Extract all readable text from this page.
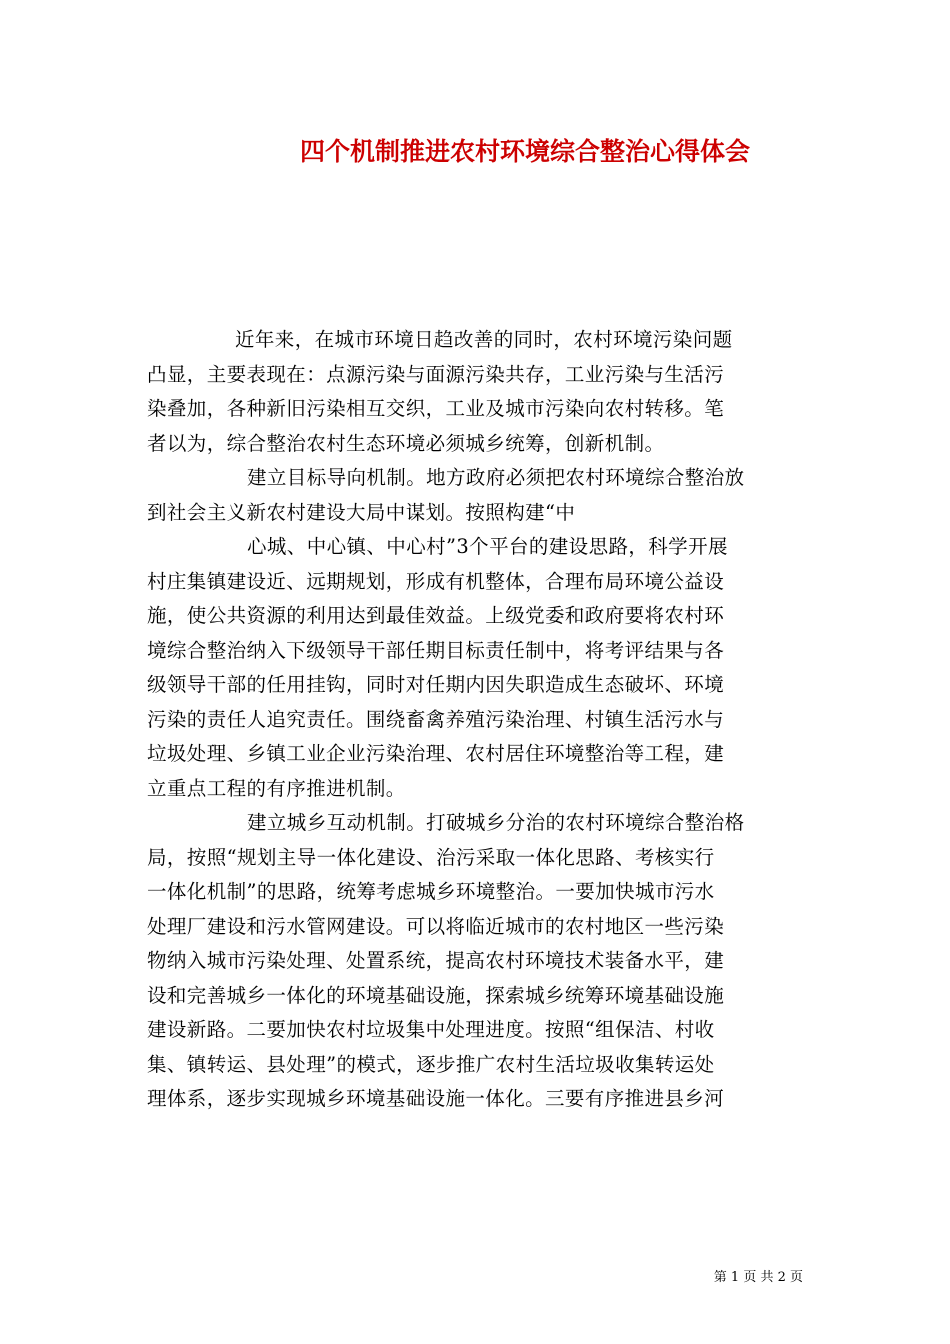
四个机制推进农村环境综合整治心得体会
近年来，在城市环境日趋改善的同时，农村环境污染问题
凸显，主要表现在：点源污染与面源污染共存，工业污染与生活污
染叠加，各种新旧污染相互交织，工业及城市污染向农村转移。笔
者以为，综合整治农村生态环境必须城乡统筹，创新机制。
建立目标导向机制。地方政府必须把农村环境综合整治放
到社会主义新农村建设大局中谋划。按照构建“中
心城、中心镇、中心村”3个平台的建设思路，科学开展
村庄集镇建设近、远期规划，形成有机整体，合理布局环境公益设
施，使公共资源的利用达到最佳效益。上级党委和政府要将农村环
境综合整治纳入下级领导干部任期目标责任制中，将考评结果与各
级领导干部的任用挂钩，同时对任期内因失职造成生态破坏、环境
污染的责任人追究责任。围绕畜禽养殖污染治理、村镇生活污水与
垃圾处理、乡镇工业企业污染治理、农村居住环境整治等工程，建
立重点工程的有序推进机制。
建立城乡互动机制。打破城乡分治的农村环境综合整治格
局，按照“规划主导一体化建设、治污采取一体化思路、考核实行
一体化机制”的思路，统筹考虑城乡环境整治。一要加快城市污水
处理厂建设和污水管网建设。可以将临近城市的农村地区一些污染
物纳入城市污染处理、处置系统，提高农村环境技术装备水平，建
设和完善城乡一体化的环境基础设施，探索城乡统筹环境基础设施
建设新路。二要加快农村垃圾集中处理进度。按照“组保洁、村收
集、镇转运、县处理”的模式，逐步推广农村生活垃圾收集转运处
理体系，逐步实现城乡环境基础设施一体化。三要有序推进县乡河
第 1 页 共 2 页
